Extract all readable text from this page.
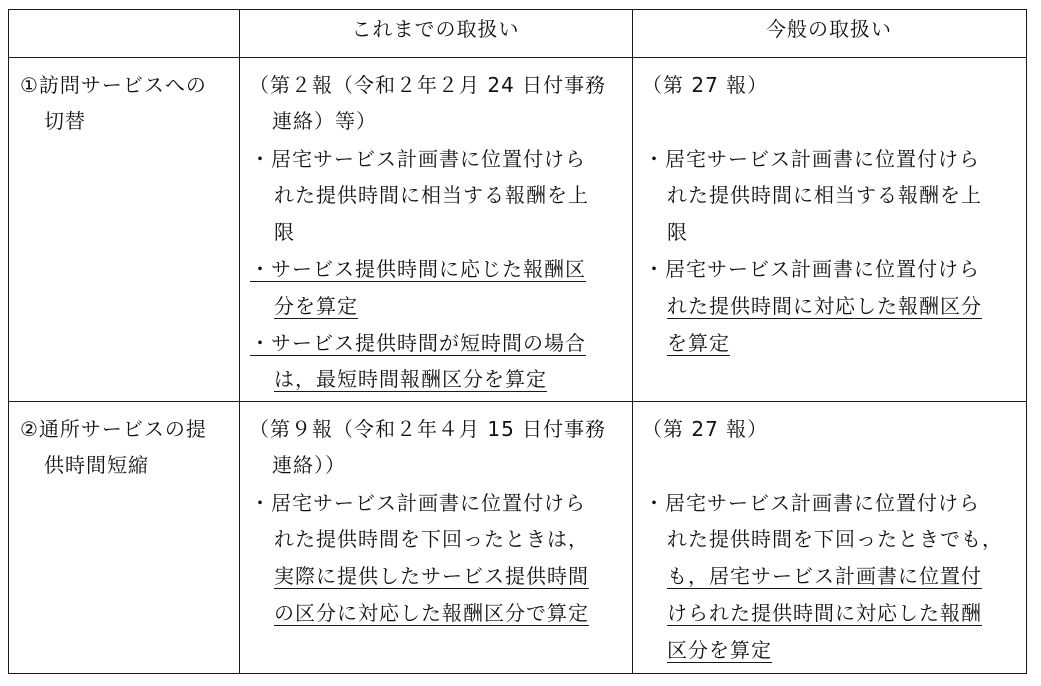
これまでの取扱い	今般の取扱い
①訪問サービスへの
切替
（第２報（令和２年２月 24 日付事務
連絡）等）
・居宅サービス計画書に位置付けら
れた提供時間に相当する報酬を上
限
・サービス提供時間に応じた報酬区
分を算定
・サービス提供時間が短時間の場合
は，最短時間報酬区分を算定
（第 27 報）
・居宅サービス計画書に位置付けら
れた提供時間に相当する報酬を上
限
・居宅サービス計画書に位置付けら
れた提供時間に対応した報酬区分
を算定
②通所サービスの提
供時間短縮
（第９報（令和２年４月 15 日付事務
連絡））
・居宅サービス計画書に位置付けら
れた提供時間を下回ったときは，
実際に提供したサービス提供時間
の区分に対応した報酬区分で算定
（第 27 報）
・居宅サービス計画書に位置付けら
れた提供時間を下回ったときでも，
も，居宅サービス計画書に位置付
けられた提供時間に対応した報酬
区分を算定
